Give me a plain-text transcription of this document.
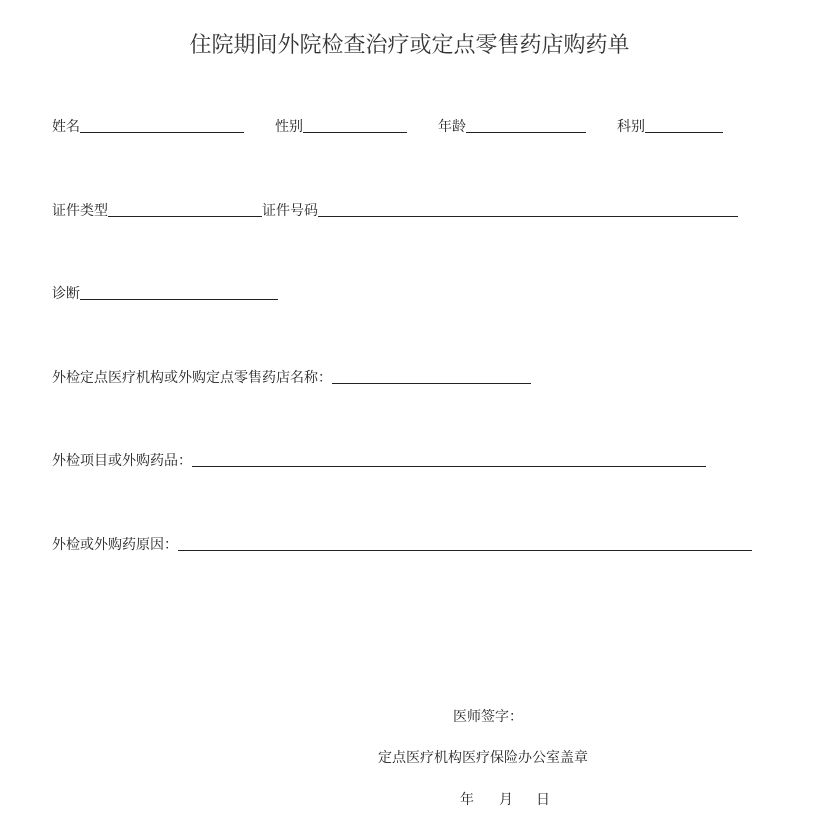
住院期间外院检查治疗或定点零售药店购药单
姓名	性别	年龄	科别
证件类型	证件号码
诊断
外检定点医疗机构或外购定点零售药店名称：
外检项目或外购药品：
外检或外购药原因：
医师签字：
定点医疗机构医疗保险办公室盖章
年 月 日
